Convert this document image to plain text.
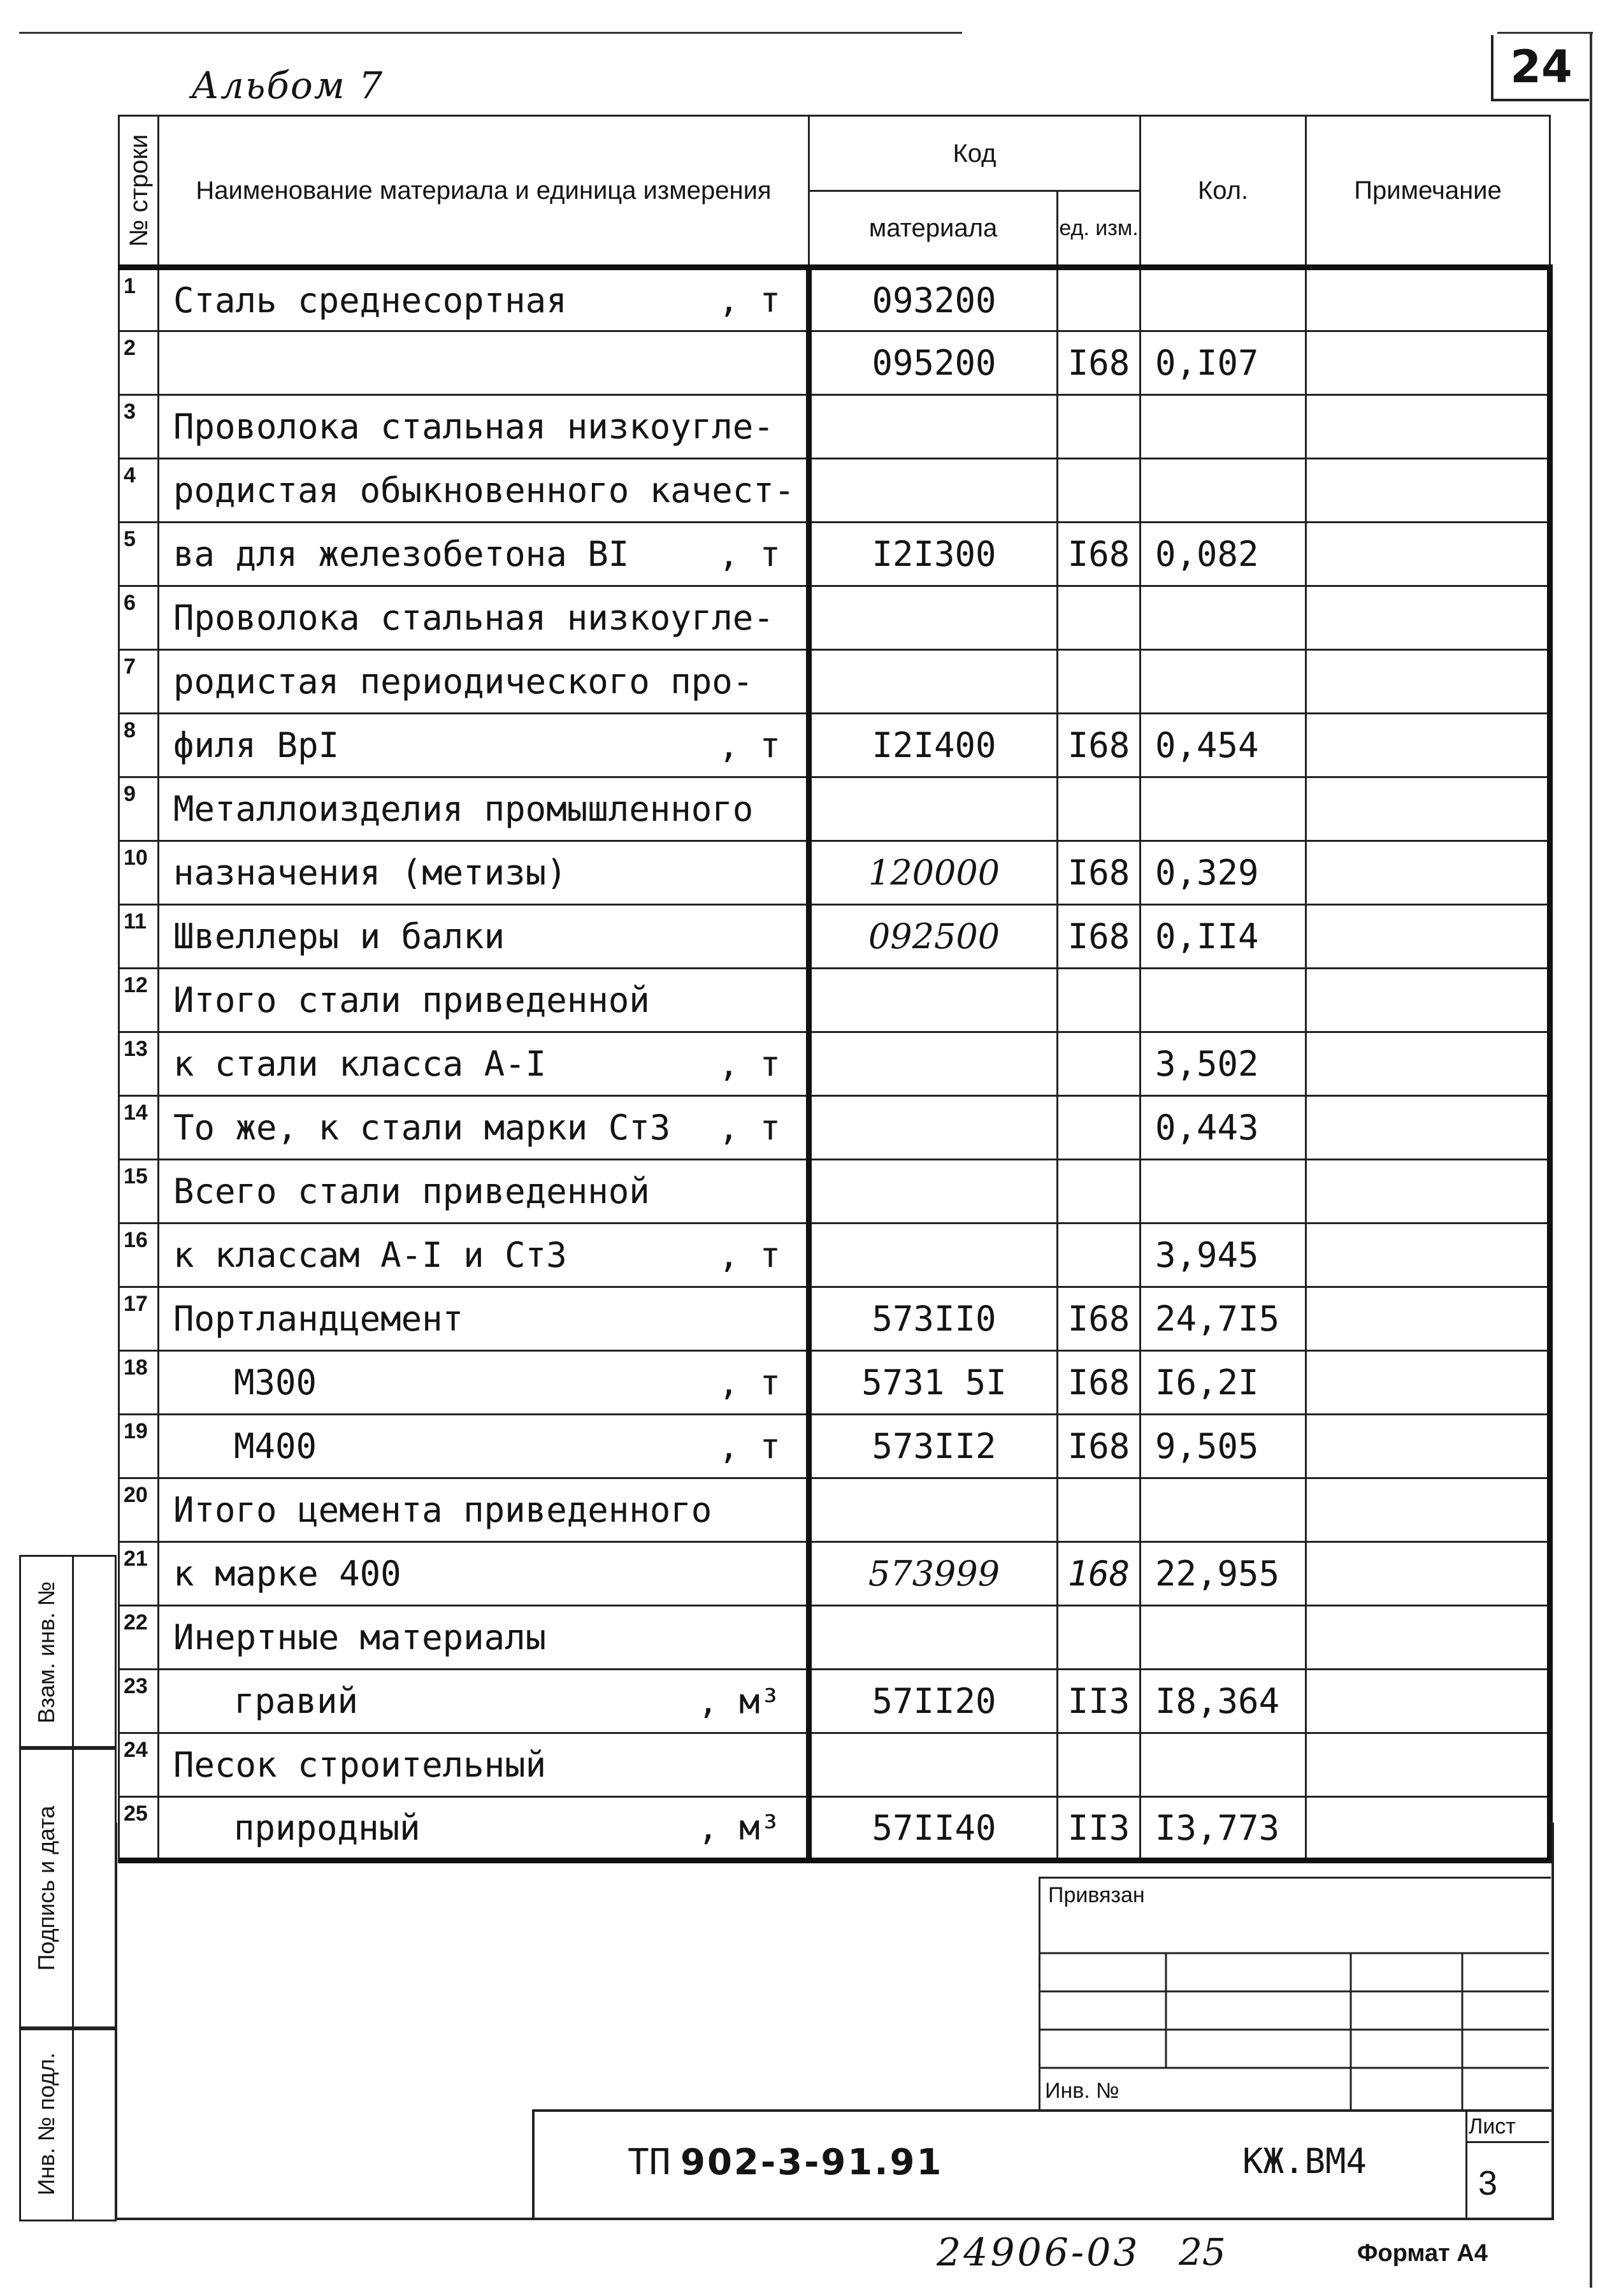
Альбом 7	24
№ строки	Наименование материала и единица измерения	Код		Кол.	Примечание
		материала	ед. изм.		
1	Сталь среднесортная , т	093200			
2		095200	I68	0,I07	
3	Проволока стальная низкоугле-

4	родистая обыкновенного качест-

5	ва для железобетона BI , т	I2I300	I68	0,082	
6	Проволока стальная низкоугле-

7	родистая периодического про-

8	филя BpI , т	I2I400	I68	0,454	
9	Металлоизделия промышленного

10	назначения (метизы)	120000	I68	0,329	
11	Швеллеры и балки	092500	I68	0,II4	
12	Итого стали приведенной

13	к стали класса A-I , т			3,502	
14	То же, к стали марки Ст3 , т			0,443	
15	Всего стали приведенной

16	к классам A-I и Ст3 , т			3,945	
17	Портландцемент	573II0	I68	24,7I5	
18	М300 , т	5731 5I	I68	I6,2I	
19	М400 , т	573II2	I68	9,505	
20	Итого цемента приведенного

21	к марке 400	573999	168	22,955	
22	Инертные материалы

23	гравий , м³	57II20	II3	I8,364	
24	Песок строительный

25	природный , м³	57II40	II3	I3,773	
Взам. инв. №
Подпись и дата
Инв. № подл.
Привязан
Инв. №
ТП 902-3-91.91	КЖ.ВМ4
Лист
3
24906-03 25	Формат А4
